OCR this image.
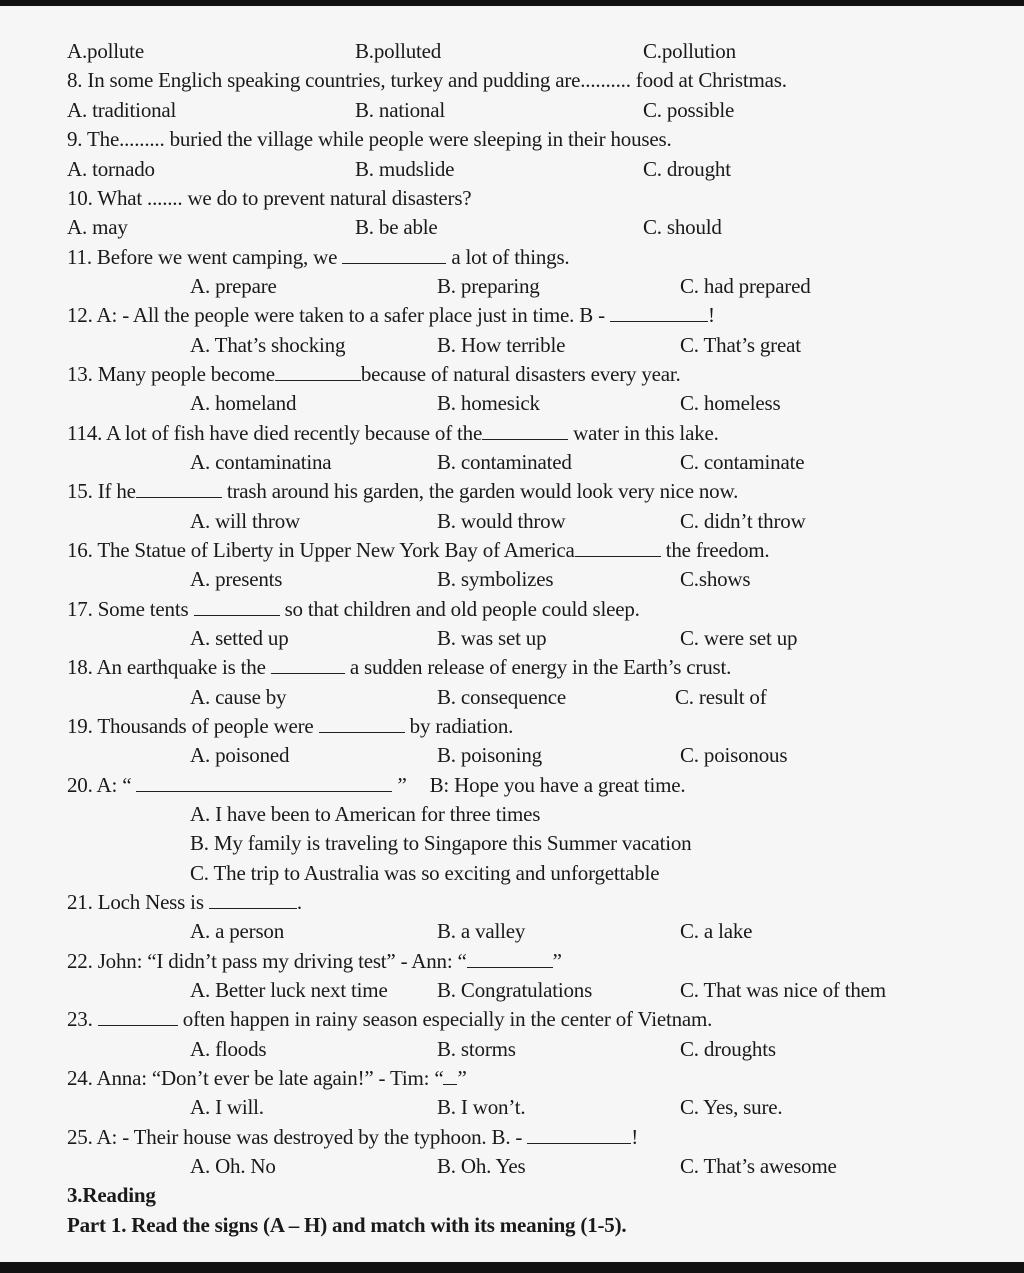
A.pollute	B.polluted	C.pollution
8. In some Englich speaking countries, turkey and pudding are.......... food at Christmas.
A. traditional	B. national	C. possible
9. The......... buried the village while people were sleeping in their houses.
A. tornado	B. mudslide	C. drought
10. What ....... we do to prevent natural disasters?
A. may	B. be able	C. should
11. Before we went camping, we	a lot of things.
A. prepare	B. preparing	C. had prepared
12. A: - All the people were taken to a safer place just in time. B -	!
A. That’s shocking	B. How terrible	C. That’s great
13. Many people become	because of natural disasters every year.
A. homeland	B. homesick	C. homeless
114. A lot of fish have died recently because of the	water in this lake.
A. contaminatina	B. contaminated	C. contaminate
15. If he	trash around his garden, the garden would look very nice now.
A. will throw	B. would throw	C. didn’t throw
16. The Statue of Liberty in Upper New York Bay of America	the freedom.
A. presents	B. symbolizes	C.shows
17. Some tents	so that children and old people could sleep.
A. setted up	B. was set up	C. were set up
18. An earthquake is the	a sudden release of energy in the Earth’s crust.
A. cause by	B. consequence	C. result of
19. Thousands of people were	by radiation.
A. poisoned	B. poisoning	C. poisonous
20. A: “	” B: Hope you have a great time.
A. I have been to American for three times
B. My family is traveling to Singapore this Summer vacation
C. The trip to Australia was so exciting and unforgettable
21. Loch Ness is	.
A. a person	B. a valley	C. a lake
22. John: “I didn’t pass my driving test” - Ann: “	”
A. Better luck next time B. Congratulations	C. That was nice of them
23.	often happen in rainy season especially in the center of Vietnam.
A. floods	B. storms	C. droughts
24. Anna: “Don’t ever be late again!” - Tim: “ ”
A. I will.	B. I won’t.	C. Yes, sure.
25. A: - Their house was destroyed by the typhoon. B. -	!
A. Oh. No	B. Oh. Yes	C. That’s awesome
3.Reading
Part 1. Read the signs (A – H) and match with its meaning (1-5).
